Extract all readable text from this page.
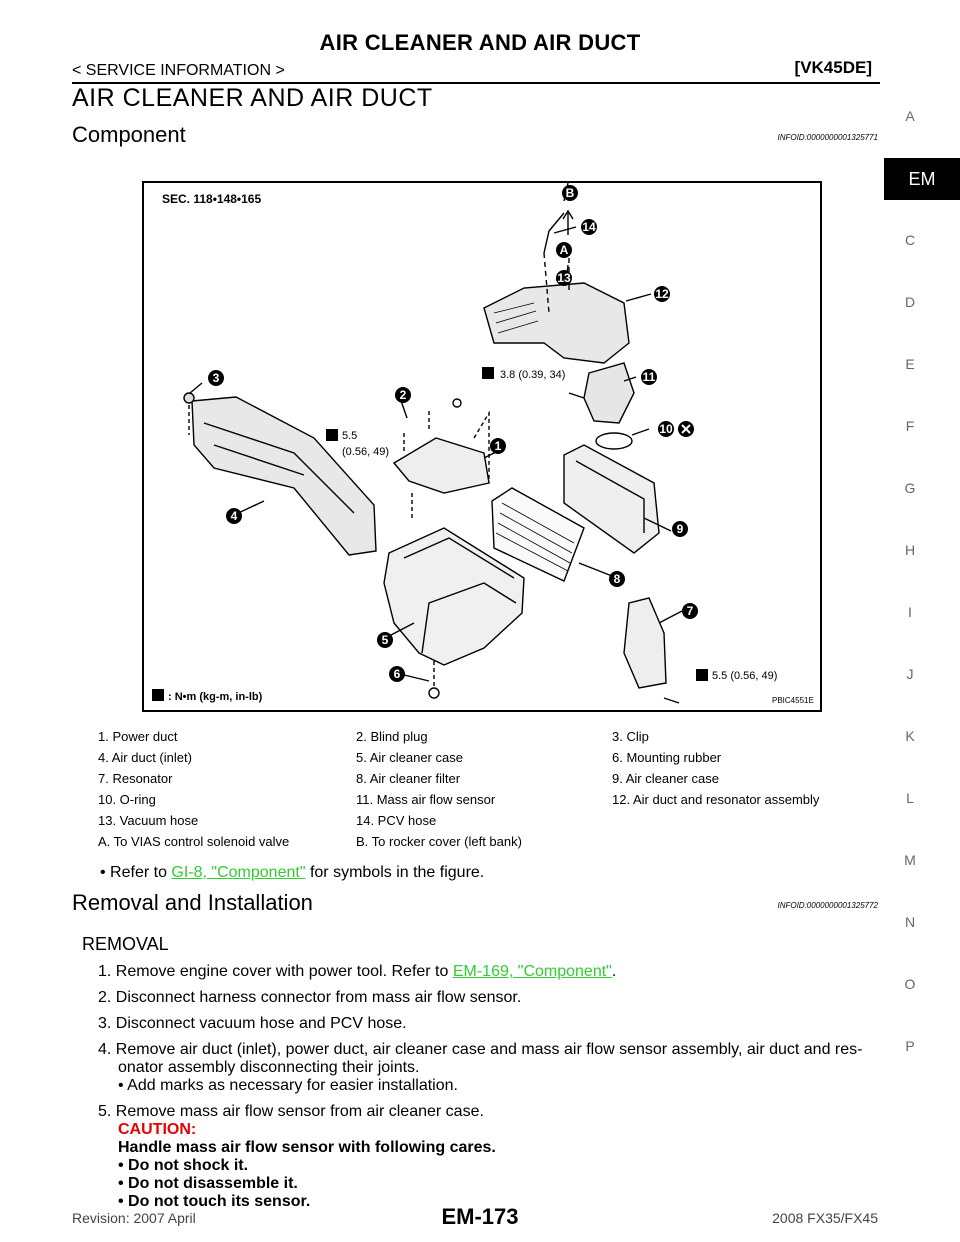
AIR CLEANER AND AIR DUCT
< SERVICE INFORMATION >	[VK45DE]
EM
A
C
D
E
F
G
H
I
J
K
L
M
N
O
P
AIR CLEANER AND AIR DUCT
Component	INFOID:0000000001325771
SEC. 118•148•165
3.8 (0.39, 34)
5.5
(0.56, 49)
5.5 (0.56, 49)
: N•m (kg-m, in-lb)	PBIC4551E
3
4
2
1
5
6
7
8
9
10
11
12
13
14
A
B
1. Power duct	2. Blind plug	3. Clip
4. Air duct (inlet)	5. Air cleaner case	6. Mounting rubber
7. Resonator	8. Air cleaner filter	9. Air cleaner case
10. O-ring	11. Mass air flow sensor	12. Air duct and resonator assembly
13. Vacuum hose	14. PCV hose	
A. To VIAS control solenoid valve	B. To rocker cover (left bank)	
• Refer to GI-8, "Component" for symbols in the figure.
Removal and Installation	INFOID:0000000001325772
REMOVAL
1. Remove engine cover with power tool. Refer to EM-169, "Component".
2. Disconnect harness connector from mass air flow sensor.
3. Disconnect vacuum hose and PCV hose.
4. Remove air duct (inlet), power duct, air cleaner case and mass air flow sensor assembly, air duct and res-
onator assembly disconnecting their joints.
• Add marks as necessary for easier installation.
5. Remove mass air flow sensor from air cleaner case.
CAUTION:
Handle mass air flow sensor with following cares.
• Do not shock it.
• Do not disassemble it.
• Do not touch its sensor.
Revision: 2007 April	EM-173	2008 FX35/FX45
